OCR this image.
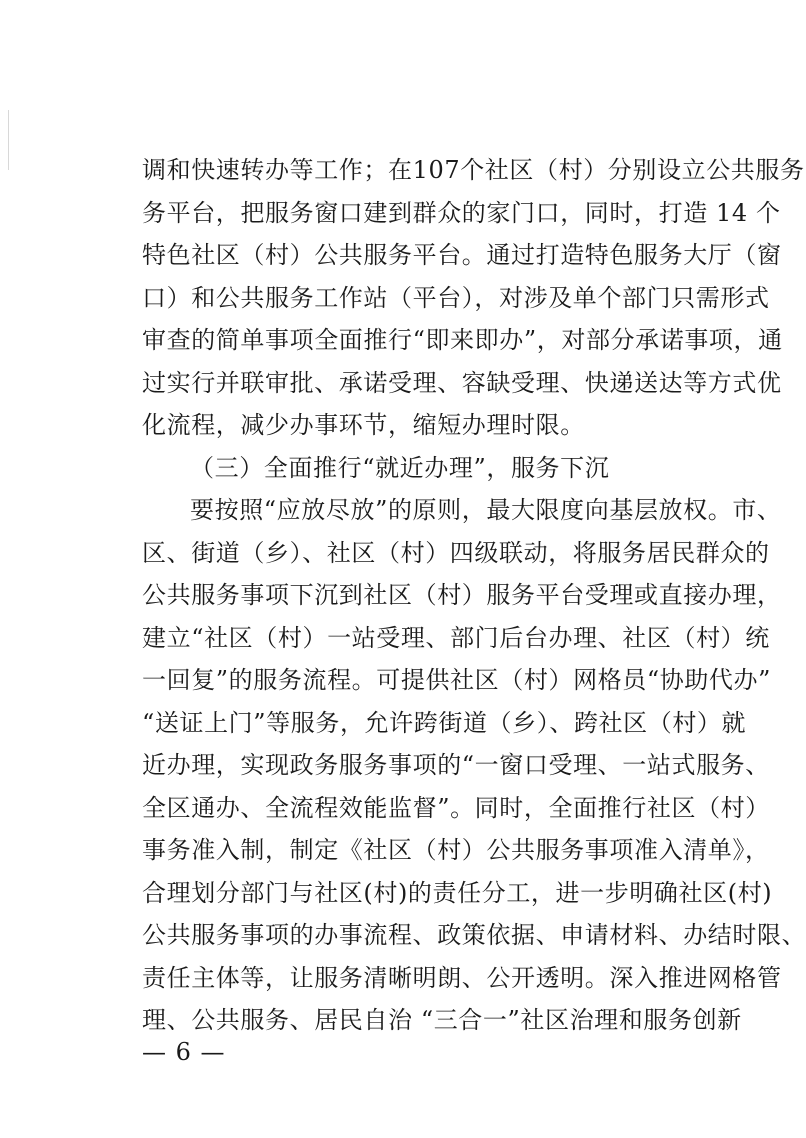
调和快速转办等工作；在107个社区（村）分别设立公共服务
务平台，把服务窗口建到群众的家门口，同时，打造 14 个
特色社区（村）公共服务平台。通过打造特色服务大厅（窗
口）和公共服务工作站（平台），对涉及单个部门只需形式
审查的简单事项全面推行“即来即办”，对部分承诺事项，通
过实行并联审批、承诺受理、容缺受理、快递送达等方式优
化流程，减少办事环节，缩短办理时限。
（三）全面推行“就近办理”，服务下沉
要按照“应放尽放”的原则，最大限度向基层放权。市、
区、街道（乡）、社区（村）四级联动，将服务居民群众的
公共服务事项下沉到社区（村）服务平台受理或直接办理，
建立“社区（村）一站受理、部门后台办理、社区（村）统
一回复”的服务流程。可提供社区（村）网格员“协助代办”
“送证上门”等服务，允许跨街道（乡）、跨社区（村）就
近办理，实现政务服务事项的“一窗口受理、一站式服务、
全区通办、全流程效能监督”。同时，全面推行社区（村）
事务准入制，制定《社区（村）公共服务事项准入清单》，
合理划分部门与社区(村)的责任分工，进一步明确社区(村)
公共服务事项的办事流程、政策依据、申请材料、办结时限、
责任主体等，让服务清晰明朗、公开透明。深入推进网格管
理、公共服务、居民自治 “三合一”社区治理和服务创新
— 6 —
